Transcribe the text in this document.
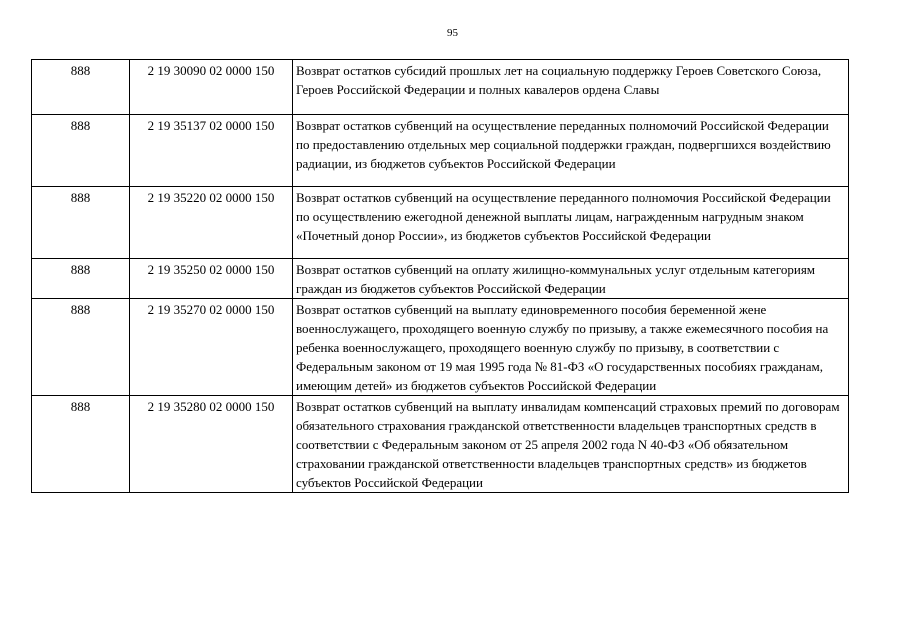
95
888	2 19 30090 02 0000 150	Возврат остатков субсидий прошлых лет на социальную поддержку Героев Советского Союза, Героев Российской Федерации и полных кавалеров ордена Славы
888	2 19 35137 02 0000 150	Возврат остатков субвенций на осуществление переданных полномочий Российской Федерации по предоставлению отдельных мер социальной поддержки граждан, подвергшихся воздействию радиации, из бюджетов субъектов Российской Федерации
888	2 19 35220 02 0000 150	Возврат остатков субвенций на осуществление переданного полномочия Российской Федерации по осуществлению ежегодной денежной выплаты лицам, награжденным нагрудным знаком «Почетный донор России», из бюджетов субъектов Российской Федерации
888	2 19 35250 02 0000 150	Возврат остатков субвенций на оплату жилищно-коммунальных услуг отдельным категориям граждан из бюджетов субъектов Российской Федерации
888	2 19 35270 02 0000 150	Возврат остатков субвенций на выплату единовременного пособия беременной жене военнослужащего, проходящего военную службу по призыву, а также ежемесячного пособия на ребенка военнослужащего, проходящего военную службу по призыву, в соответствии с Федеральным законом от 19 мая 1995 года № 81-ФЗ «О государственных пособиях гражданам, имеющим детей» из бюджетов субъектов Российской Федерации
888	2 19 35280 02 0000 150	Возврат остатков субвенций на выплату инвалидам компенсаций страховых премий по договорам обязательного страхования гражданской ответственности владельцев транспортных средств в соответствии с Федеральным законом от 25 апреля 2002 года N 40-ФЗ «Об обязательном страховании гражданской ответственности владельцев транспортных средств» из бюджетов субъектов Российской Федерации
